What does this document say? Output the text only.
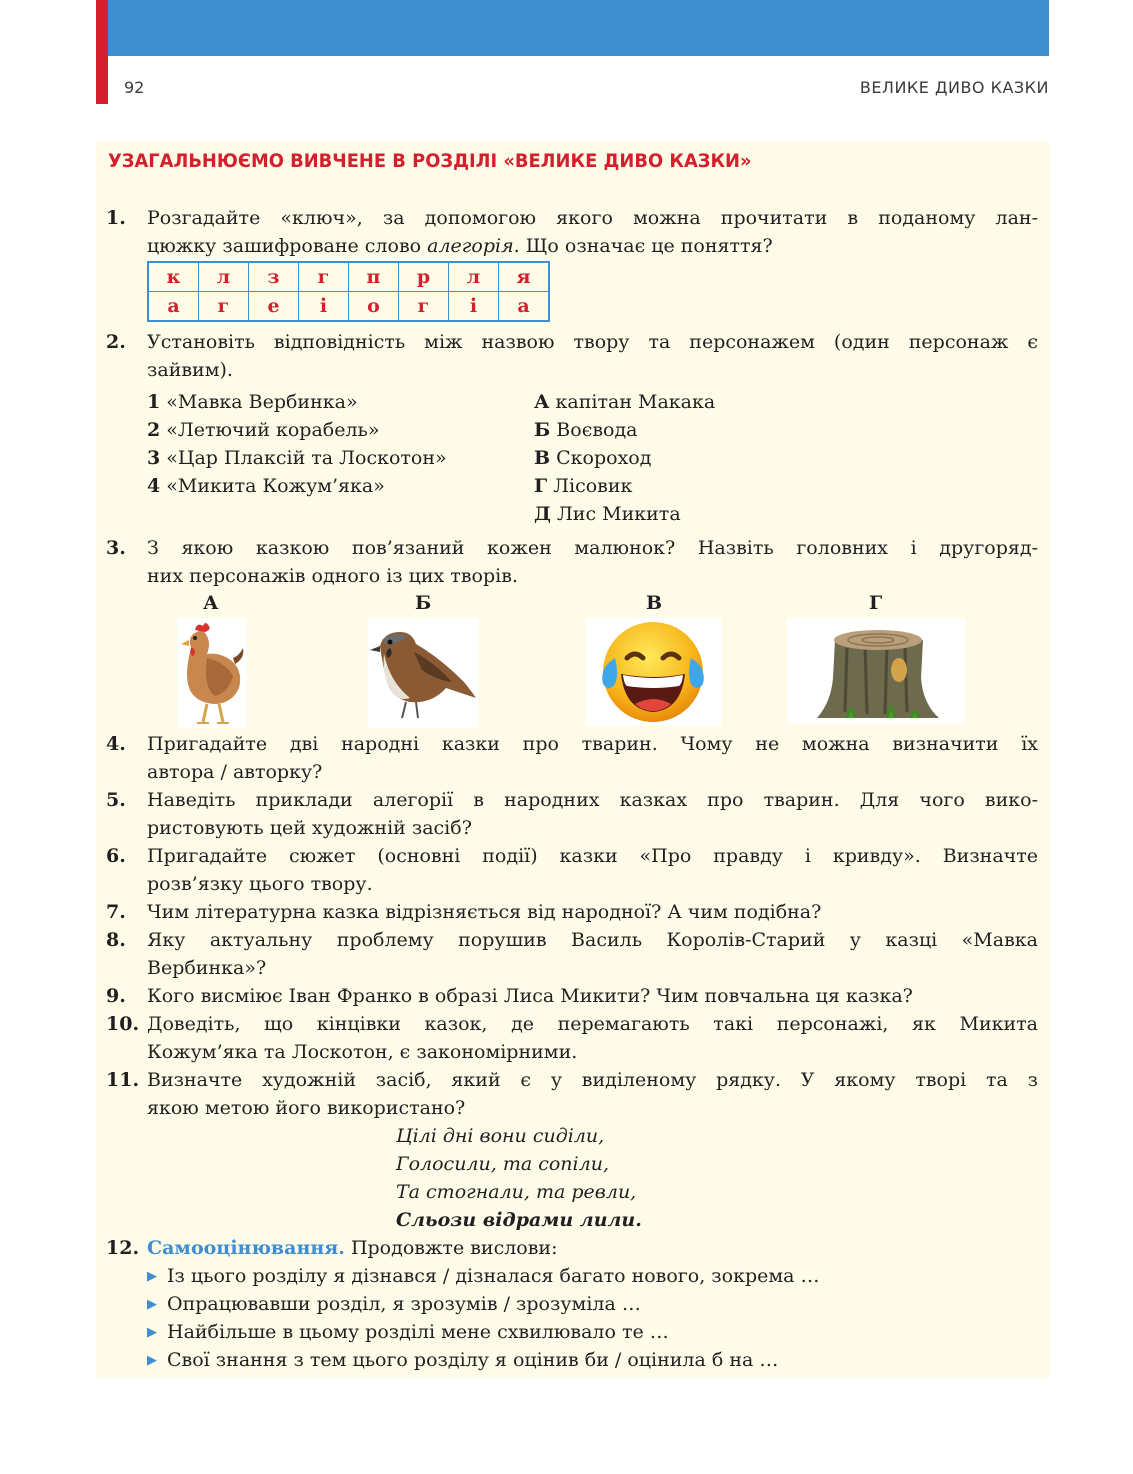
92	ВЕЛИКЕ ДИВО КАЗКИ
УЗАГАЛЬНЮЄМО ВИВЧЕНЕ В РОЗДІЛІ «ВЕЛИКЕ ДИВО КАЗКИ»
1. Розгадайте «ключ», за допомогою якого можна прочитати в поданому лан-
цюжку зашифроване слово алегорія. Що означає це поняття?
к	л	з	г	п	р	л	я
а	г	е	і	о	г	і	а
2. Установіть відповідність між назвою твору та персонажем (один персонаж є
зайвим).
1 «Мавка Вербинка»
2 «Летючий корабель»
3 «Цар Плаксій та Лоскотон»
4 «Микита Кожум’яка»
А капітан Макака
Б Воєвода
В Скороход
Г Лісовик
Д Лис Микита
3. З якою казкою пов’язаний кожен малюнок? Назвіть головних і другоряд-
них персонажів одного із цих творів.
А	Б	В	Г
4. Пригадайте дві народні казки про тварин. Чому не можна визначити їх
автора / авторку?
5. Наведіть приклади алегорії в народних казках про тварин. Для чого вико-
ристовують цей художній засіб?
6. Пригадайте сюжет (основні події) казки «Про правду і кривду». Визначте
розв’язку цього твору.
7. Чим літературна казка відрізняється від народної? А чим подібна?
8. Яку актуальну проблему порушив Василь Королів-Старий у казці «Мавка
Вербинка»?
9. Кого висміює Іван Франко в образі Лиса Микити? Чим повчальна ця казка?
10. Доведіть, що кінцівки казок, де перемагають такі персонажі, як Микита
Кожум’яка та Лоскотон, є закономірними.
11. Визначте художній засіб, який є у виділеному рядку. У якому творі та з
якою метою його використано?
Цілі дні вони сиділи,
Голосили, та сопіли,
Та стогнали, та ревли,
Сльози відрами лили.
12. Самооцінювання. Продовжте вислови:
▶ Із цього розділу я дізнався / дізналася багато нового, зокрема …
▶ Опрацювавши розділ, я зрозумів / зрозуміла …
▶ Найбільше в цьому розділі мене схвилювало те …
▶ Свої знання з тем цього розділу я оцінив би / оцінила б на …
